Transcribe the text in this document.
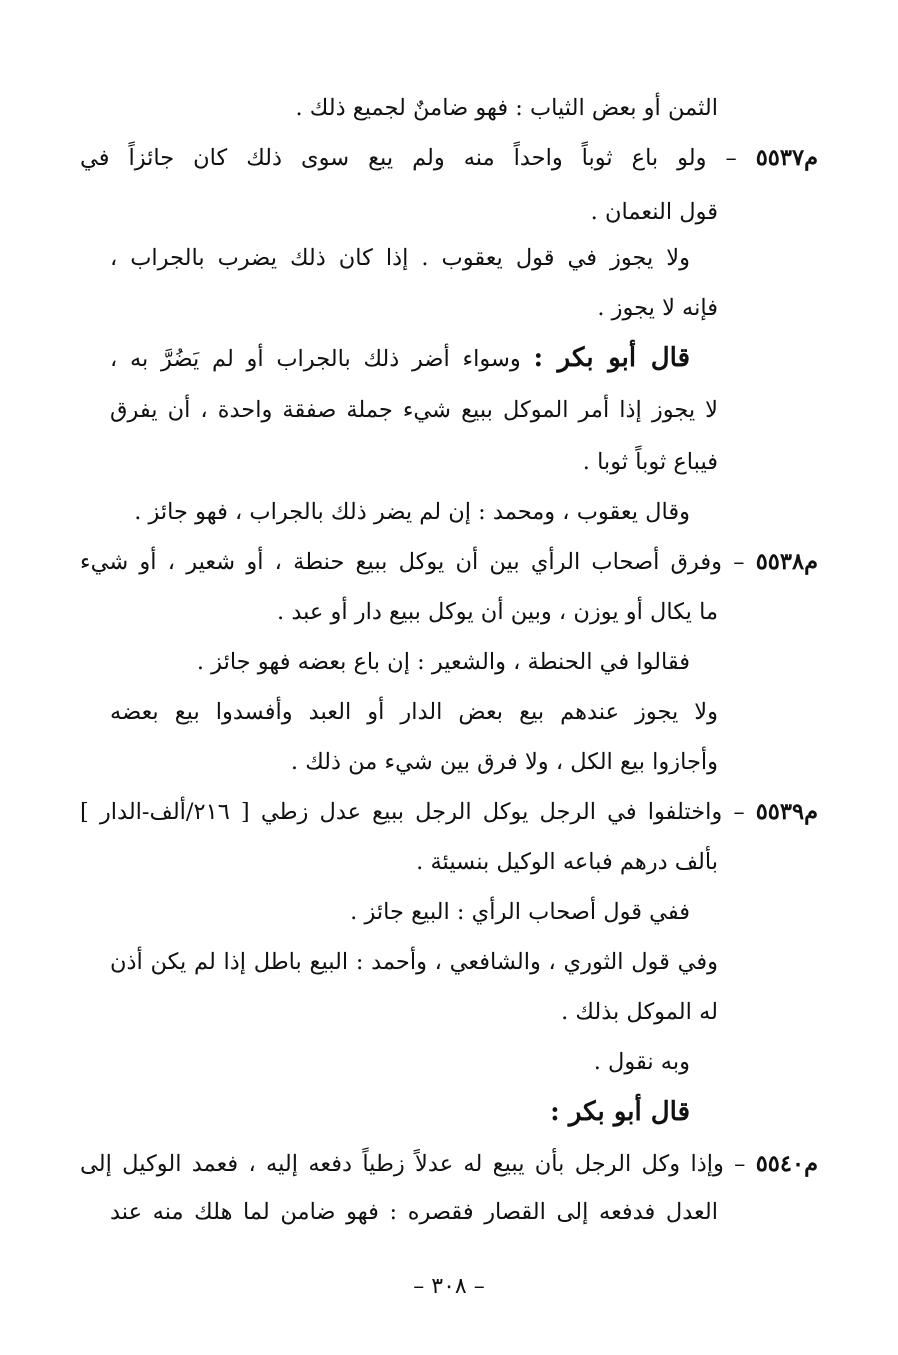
الثمن أو بعض الثياب : فهو ضامنٌ لجميع ذلك .
م٥٥٣٧ – ولو باع ثوباً واحداً منه ولم يبع سوى ذلك كان جائزاً في
قول النعمان .
ولا يجوز في قول يعقوب . إذا كان ذلك يضرب بالجراب ،
فإنه لا يجوز .
قال أبو بكر : وسواء أضر ذلك بالجراب أو لم يَضُرَّ به ،
لا يجوز إذا أمر الموكل ببيع شيء جملة صفقة واحدة ، أن يفرق
فيباع ثوباً ثوبا .
وقال يعقوب ، ومحمد : إن لم يضر ذلك بالجراب ، فهو جائز .
م٥٥٣٨ – وفرق أصحاب الرأي بين أن يوكل ببيع حنطة ، أو شعير ، أو شيء
ما يكال أو يوزن ، وبين أن يوكل ببيع دار أو عبد .
فقالوا في الحنطة ، والشعير : إن باع بعضه فهو جائز .
ولا يجوز عندهم بيع بعض الدار أو العبد وأفسدوا بيع بعضه
وأجازوا بيع الكل ، ولا فرق بين شيء من ذلك .
م٥٥٣٩ – واختلفوا في الرجل يوكل الرجل ببيع عدل زطي [ ٢١٦/ألف-الدار ]
بألف درهم فباعه الوكيل بنسيئة .
ففي قول أصحاب الرأي : البيع جائز .
وفي قول الثوري ، والشافعي ، وأحمد : البيع باطل إذا لم يكن أذن
له الموكل بذلك .
وبه نقول .
قال أبو بكر :
م٥٥٤٠ – وإذا وكل الرجل بأن يبيع له عدلاً زطياً دفعه إليه ، فعمد الوكيل إلى
العدل فدفعه إلى القصار فقصره : فهو ضامن لما هلك منه عند
– ٣٠٨ –
